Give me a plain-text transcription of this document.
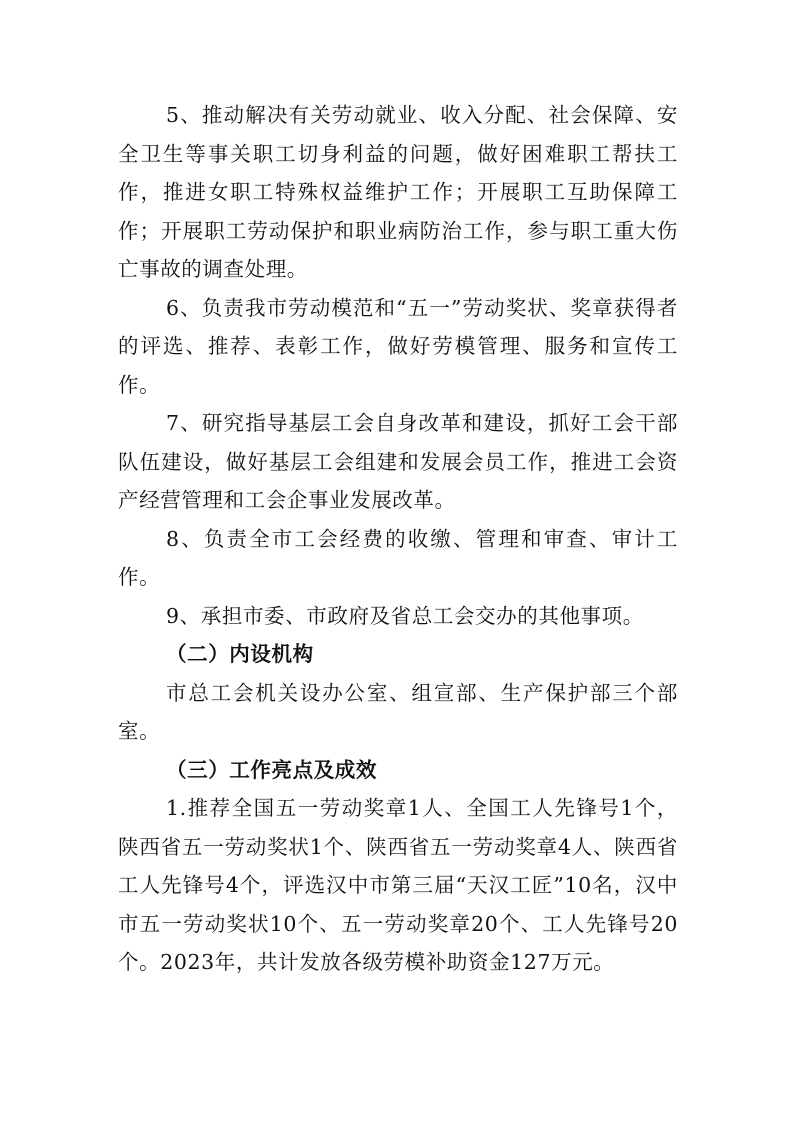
5、推动解决有关劳动就业、收入分配、社会保障、安全卫生等事关职工切身利益的问题，做好困难职工帮扶工作，推进女职工特殊权益维护工作；开展职工互助保障工作；开展职工劳动保护和职业病防治工作，参与职工重大伤亡事故的调查处理。

6、负责我市劳动模范和“五一”劳动奖状、奖章获得者的评选、推荐、表彰工作，做好劳模管理、服务和宣传工作。

7、研究指导基层工会自身改革和建设，抓好工会干部队伍建设，做好基层工会组建和发展会员工作，推进工会资产经营管理和工会企事业发展改革。

8、负责全市工会经费的收缴、管理和审查、审计工作。

9、承担市委、市政府及省总工会交办的其他事项。

（二）内设机构

市总工会机关设办公室、组宣部、生产保护部三个部室。

（三）工作亮点及成效

1.推荐全国五一劳动奖章1人、全国工人先锋号1个，陕西省五一劳动奖状1个、陕西省五一劳动奖章4人、陕西省工人先锋号4个，评选汉中市第三届“天汉工匠”10名，汉中市五一劳动奖状10个、五一劳动奖章20个、工人先锋号20个。2023年，共计发放各级劳模补助资金127万元。
